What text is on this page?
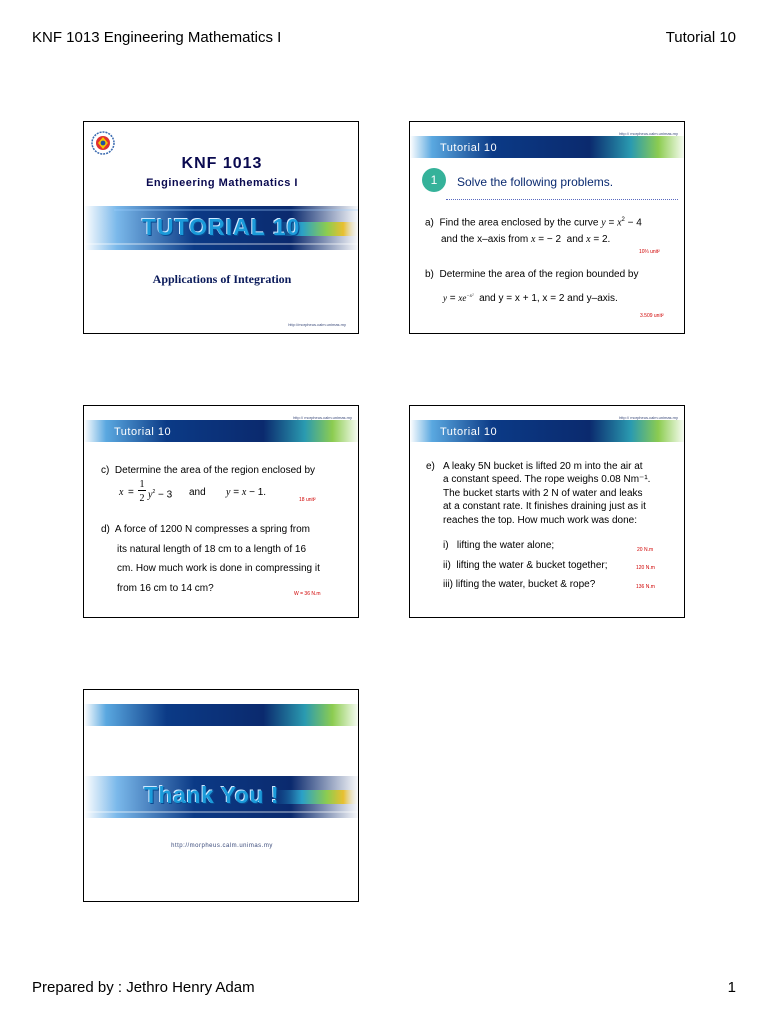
KNF 1013 Engineering Mathematics I	Tutorial 10
KNF 1013
Engineering Mathematics I
TUTORIAL 10
Applications of Integration
http://morpheus.calm.unimas.my
http:// morpheus.calm.unimas.my
Tutorial 10
1	Solve the following problems.
a) Find the area enclosed by the curve $y = x^2 - 4$
and the x–axis from x = − 2  and x = 2.
10⅔ unit²
b) Determine the area of the region bounded by
$y = xe^{-x^2}$ and y = x + 1, x = 2 and y–axis.
3.509 unit²
http:// morpheus.calm.unimas.my
Tutorial 10
c) Determine the area of the region enclosed by
x =
1
2 $y^2 - 3$ and y = x − 1.
18 unit²
d) A force of 1200 N compresses a spring from
its natural length of 18 cm to a length of 16
cm. How much work is done in compressing it
from 16 cm to 14 cm?	W = 36 N.m
http:// morpheus.calm.unimas.my
Tutorial 10
e) A leaky 5N bucket is lifted 20 m into the air at
a constant speed. The rope weighs 0.08 Nm⁻¹.
The bucket starts with 2 N of water and leaks
at a constant rate. It finishes draining just as it
reaches the top. How much work was done:
i) lifting the water alone;	20 N.m
ii) lifting the water & bucket together;	120 N.m
iii) lifting the water, bucket & rope?	136 N.m
Thank You !
http://morpheus.calm.unimas.my
Prepared by : Jethro Henry Adam	1
